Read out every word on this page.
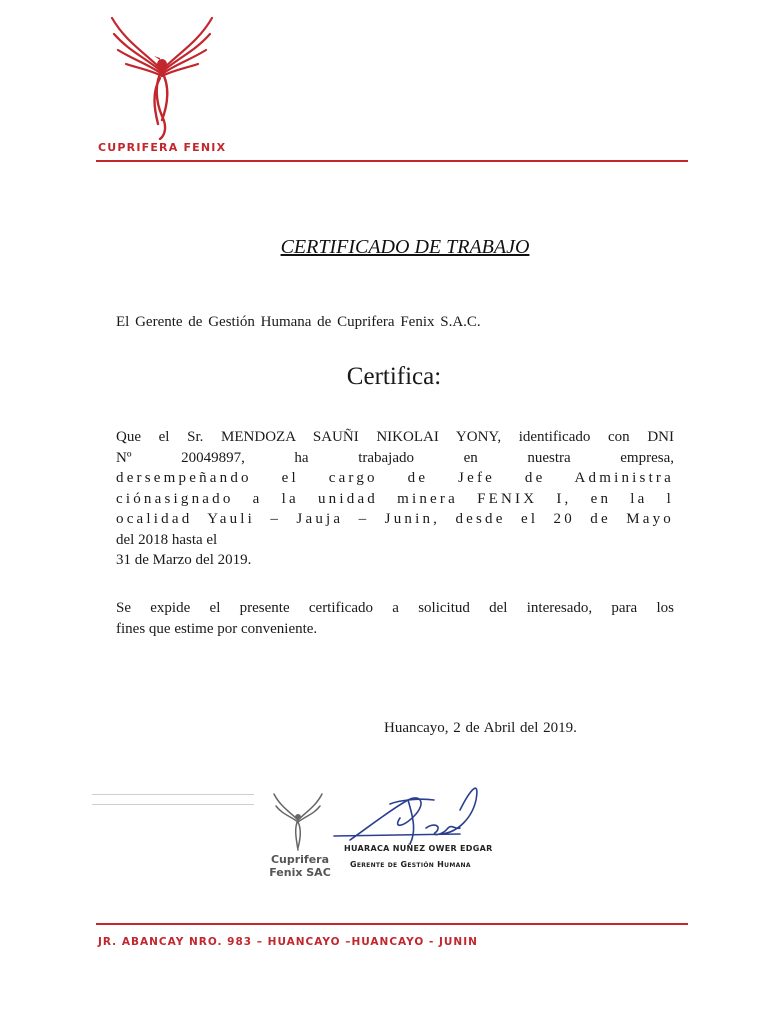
CUPRIFERA FENIX
CERTIFICADO DE TRABAJO
El Gerente de Gestión Humana de Cuprifera Fenix S.A.C.
Certifica:
Que el Sr. MENDOZA SAUÑI NIKOLAI YONY, identificado con DNI
Nº 20049897, ha trabajado en nuestra empresa,
dersempeñando el cargo de Jefe de Administra
ciónasignado a la unidad minera FENIX I, en la l
ocalidad Yauli – Jauja – Junin, desde el 20 de Mayo
del 2018 hasta el
31 de Marzo del 2019.
Se expide el presente certificado a solicitud del interesado, para los
fines que estime por conveniente.
Huancayo, 2 de Abril del 2019.
Cuprifera
Fenix SAC
HUARACA NUÑEZ OWER EDGAR
Gerente de Gestión Humana
JR. ABANCAY NRO. 983 – HUANCAYO –HUANCAYO - JUNIN
